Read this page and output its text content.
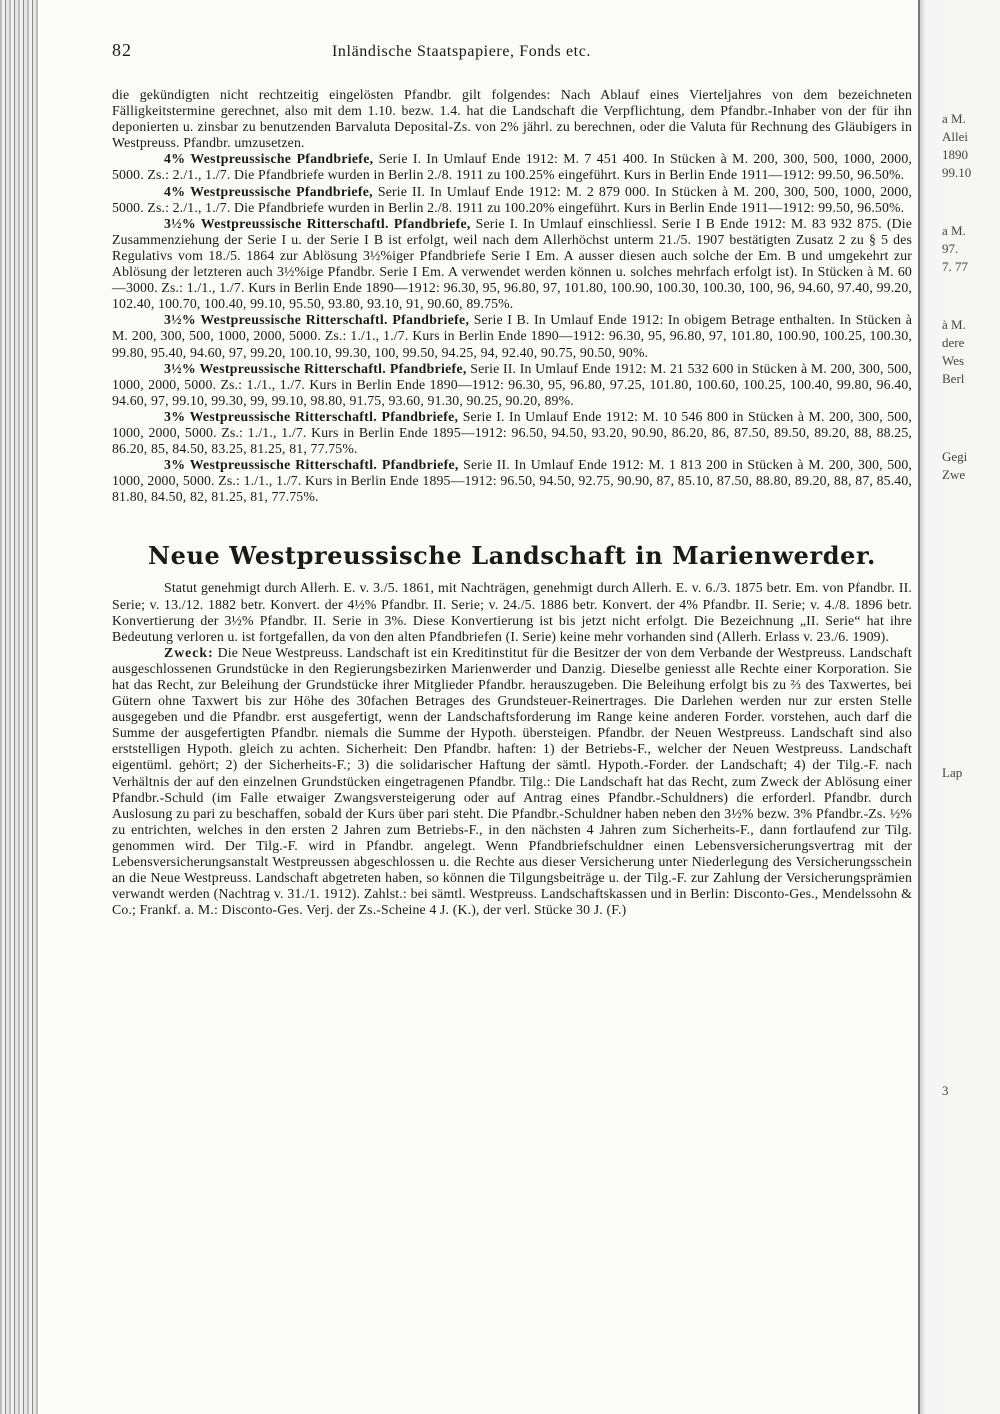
a M.
Allei
1890
99.10
a M.
97.
7. 77
à M.
dere
Wes
Berl
Gegi
Zwe
Lap
3
82	Inländische Staatspapiere, Fonds etc.

die gekündigten nicht rechtzeitig eingelösten Pfandbr. gilt folgendes: Nach Ablauf eines Vierteljahres von dem bezeichneten Fälligkeitstermine gerechnet, also mit dem 1.10. bezw. 1.4. hat die Landschaft die Verpflichtung, dem Pfandbr.-Inhaber von der für ihn deponierten u. zinsbar zu benutzenden Barvaluta Deposital-Zs. von 2% jährl. zu berechnen, oder die Valuta für Rechnung des Gläubigers in Westpreuss. Pfandbr. umzusetzen.

4% Westpreussische Pfandbriefe, Serie I. In Umlauf Ende 1912: M. 7 451 400. In Stücken à M. 200, 300, 500, 1000, 2000, 5000. Zs.: 2./1., 1./7. Die Pfandbriefe wurden in Berlin 2./8. 1911 zu 100.25% eingeführt. Kurs in Berlin Ende 1911—1912: 99.50, 96.50%.

4% Westpreussische Pfandbriefe, Serie II. In Umlauf Ende 1912: M. 2 879 000. In Stücken à M. 200, 300, 500, 1000, 2000, 5000. Zs.: 2./1., 1./7. Die Pfandbriefe wurden in Berlin 2./8. 1911 zu 100.20% eingeführt. Kurs in Berlin Ende 1911—1912: 99.50, 96.50%.

3½% Westpreussische Ritterschaftl. Pfandbriefe, Serie I. In Umlauf einschliessl. Serie I B Ende 1912: M. 83 932 875. (Die Zusammenziehung der Serie I u. der Serie I B ist erfolgt, weil nach dem Allerhöchst unterm 21./5. 1907 bestätigten Zusatz 2 zu § 5 des Regulativs vom 18./5. 1864 zur Ablösung 3½%iger Pfandbriefe Serie I Em. A ausser diesen auch solche der Em. B und umgekehrt zur Ablösung der letzteren auch 3½%ige Pfandbr. Serie I Em. A verwendet werden können u. solches mehrfach erfolgt ist). In Stücken à M. 60—3000. Zs.: 1./1., 1./7. Kurs in Berlin Ende 1890—1912: 96.30, 95, 96.80, 97, 101.80, 100.90, 100.30, 100.30, 100, 96, 94.60, 97.40, 99.20, 102.40, 100.70, 100.40, 99.10, 95.50, 93.80, 93.10, 91, 90.60, 89.75%.

3½% Westpreussische Ritterschaftl. Pfandbriefe, Serie I B. In Umlauf Ende 1912: In obigem Betrage enthalten. In Stücken à M. 200, 300, 500, 1000, 2000, 5000. Zs.: 1./1., 1./7. Kurs in Berlin Ende 1890—1912: 96.30, 95, 96.80, 97, 101.80, 100.90, 100.25, 100.30, 99.80, 95.40, 94.60, 97, 99.20, 100.10, 99.30, 100, 99.50, 94.25, 94, 92.40, 90.75, 90.50, 90%.

3½% Westpreussische Ritterschaftl. Pfandbriefe, Serie II. In Umlauf Ende 1912: M. 21 532 600 in Stücken à M. 200, 300, 500, 1000, 2000, 5000. Zs.: 1./1., 1./7. Kurs in Berlin Ende 1890—1912: 96.30, 95, 96.80, 97.25, 101.80, 100.60, 100.25, 100.40, 99.80, 96.40, 94.60, 97, 99.10, 99.30, 99, 99.10, 98.80, 91.75, 93.60, 91.30, 90.25, 90.20, 89%.

3% Westpreussische Ritterschaftl. Pfandbriefe, Serie I. In Umlauf Ende 1912: M. 10 546 800 in Stücken à M. 200, 300, 500, 1000, 2000, 5000. Zs.: 1./1., 1./7. Kurs in Berlin Ende 1895—1912: 96.50, 94.50, 93.20, 90.90, 86.20, 86, 87.50, 89.50, 89.20, 88, 88.25, 86.20, 85, 84.50, 83.25, 81.25, 81, 77.75%.

3% Westpreussische Ritterschaftl. Pfandbriefe, Serie II. In Umlauf Ende 1912: M. 1 813 200 in Stücken à M. 200, 300, 500, 1000, 2000, 5000. Zs.: 1./1., 1./7. Kurs in Berlin Ende 1895—1912: 96.50, 94.50, 92.75, 90.90, 87, 85.10, 87.50, 88.80, 89.20, 88, 87, 85.40, 81.80, 84.50, 82, 81.25, 81, 77.75%.

Neue Westpreussische Landschaft in Marienwerder.

Statut genehmigt durch Allerh. E. v. 3./5. 1861, mit Nachträgen, genehmigt durch Allerh. E. v. 6./3. 1875 betr. Em. von Pfandbr. II. Serie; v. 13./12. 1882 betr. Konvert. der 4½% Pfandbr. II. Serie; v. 24./5. 1886 betr. Konvert. der 4% Pfandbr. II. Serie; v. 4./8. 1896 betr. Konvertierung der 3½% Pfandbr. II. Serie in 3%. Diese Konvertierung ist bis jetzt nicht erfolgt. Die Bezeichnung „II. Serie“ hat ihre Bedeutung verloren u. ist fortgefallen, da von den alten Pfandbriefen (I. Serie) keine mehr vorhanden sind (Allerh. Erlass v. 23./6. 1909).

Zweck: Die Neue Westpreuss. Landschaft ist ein Kreditinstitut für die Besitzer der von dem Verbande der Westpreuss. Landschaft ausgeschlossenen Grundstücke in den Regierungsbezirken Marienwerder und Danzig. Dieselbe geniesst alle Rechte einer Korporation. Sie hat das Recht, zur Beleihung der Grundstücke ihrer Mitglieder Pfandbr. herauszugeben. Die Beleihung erfolgt bis zu ⅔ des Taxwertes, bei Gütern ohne Taxwert bis zur Höhe des 30fachen Betrages des Grundsteuer-Reinertrages. Die Darlehen werden nur zur ersten Stelle ausgegeben und die Pfandbr. erst ausgefertigt, wenn der Landschaftsforderung im Range keine anderen Forder. vorstehen, auch darf die Summe der ausgefertigten Pfandbr. niemals die Summe der Hypoth. übersteigen. Pfandbr. der Neuen Westpreuss. Landschaft sind also erststelligen Hypoth. gleich zu achten. Sicherheit: Den Pfandbr. haften: 1) der Betriebs-F., welcher der Neuen Westpreuss. Landschaft eigentüml. gehört; 2) der Sicherheits-F.; 3) die solidarischer Haftung der sämtl. Hypoth.-Forder. der Landschaft; 4) der Tilg.-F. nach Verhältnis der auf den einzelnen Grundstücken eingetragenen Pfandbr. Tilg.: Die Landschaft hat das Recht, zum Zweck der Ablösung einer Pfandbr.-Schuld (im Falle etwaiger Zwangsversteigerung oder auf Antrag eines Pfandbr.-Schuldners) die erforderl. Pfandbr. durch Auslosung zu pari zu beschaffen, sobald der Kurs über pari steht. Die Pfandbr.-Schuldner haben neben den 3½% bezw. 3% Pfandbr.-Zs. ½% zu entrichten, welches in den ersten 2 Jahren zum Betriebs-F., in den nächsten 4 Jahren zum Sicherheits-F., dann fortlaufend zur Tilg. genommen wird. Der Tilg.-F. wird in Pfandbr. angelegt. Wenn Pfandbriefschuldner einen Lebensversicherungsvertrag mit der Lebensversicherungsanstalt Westpreussen abgeschlossen u. die Rechte aus dieser Versicherung unter Niederlegung des Versicherungsschein an die Neue Westpreuss. Landschaft abgetreten haben, so können die Tilgungsbeiträge u. der Tilg.-F. zur Zahlung der Versicherungsprämien verwandt werden (Nachtrag v. 31./1. 1912). Zahlst.: bei sämtl. Westpreuss. Landschaftskassen und in Berlin: Disconto-Ges., Mendelssohn & Co.; Frankf. a. M.: Disconto-Ges. Verj. der Zs.-Scheine 4 J. (K.), der verl. Stücke 30 J. (F.)
